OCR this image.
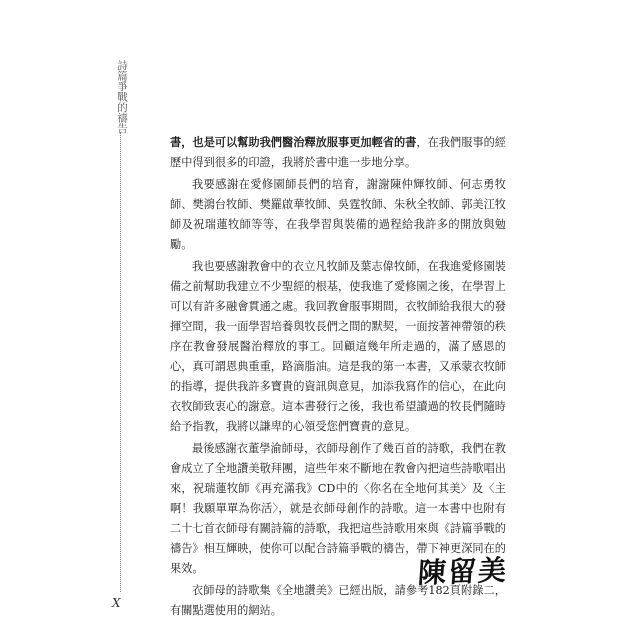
詩篇爭戰的禱告

書，也是可以幫助我們醫治釋放服事更加輕省的書，在我們服事的經歷中得到很多的印證，我將於書中進一步地分享。

我要感謝在愛修園師長們的培育，謝謝陳仲輝牧師、何志勇牧師、樊鴻台牧師、樊羅啟華牧師、吳霆牧師、朱秋全牧師、郭美江牧師及祝瑞蓮牧師等等，在我學習與裝備的過程給我許多的開放與勉勵。

我也要感謝教會中的衣立凡牧師及葉志偉牧師，在我進愛修園裝備之前幫助我建立不少聖經的根基，使我進了愛修園之後，在學習上可以有許多融會貫通之處。我回教會服事期間，衣牧師給我很大的發揮空間，我一面學習培養與牧長們之間的默契，一面按著神帶領的秩序在教會發展醫治釋放的事工。回顧這幾年所走過的，滿了感恩的心，真可謂恩典重重，路滴脂油。這是我的第一本書，又承蒙衣牧師的指導，提供我許多寶貴的資訊與意見，加添我寫作的信心，在此向衣牧師致衷心的謝意。這本書發行之後，我也希望讀過的牧長們隨時給予指教，我將以謙卑的心領受您們寶貴的意見。

最後感謝衣董學渝師母，衣師母創作了幾百首的詩歌，我們在教會成立了全地讚美敬拜團，這些年來不斷地在教會內把這些詩歌唱出來，祝瑞蓮牧師《再充滿我》CD中的〈你名在全地何其美〉及〈主啊！我願單單為你活〉，就是衣師母創作的詩歌。這一本書中也附有二十七首衣師母有關詩篇的詩歌，我把這些詩歌用來與《詩篇爭戰的禱告》相互輝映，使你可以配合詩篇爭戰的禱告，帶下神更深同在的果效。

衣師母的詩歌集《全地讚美》已經出版，請參考182頁附錄二，有關點選使用的網站。

陳留美
X
